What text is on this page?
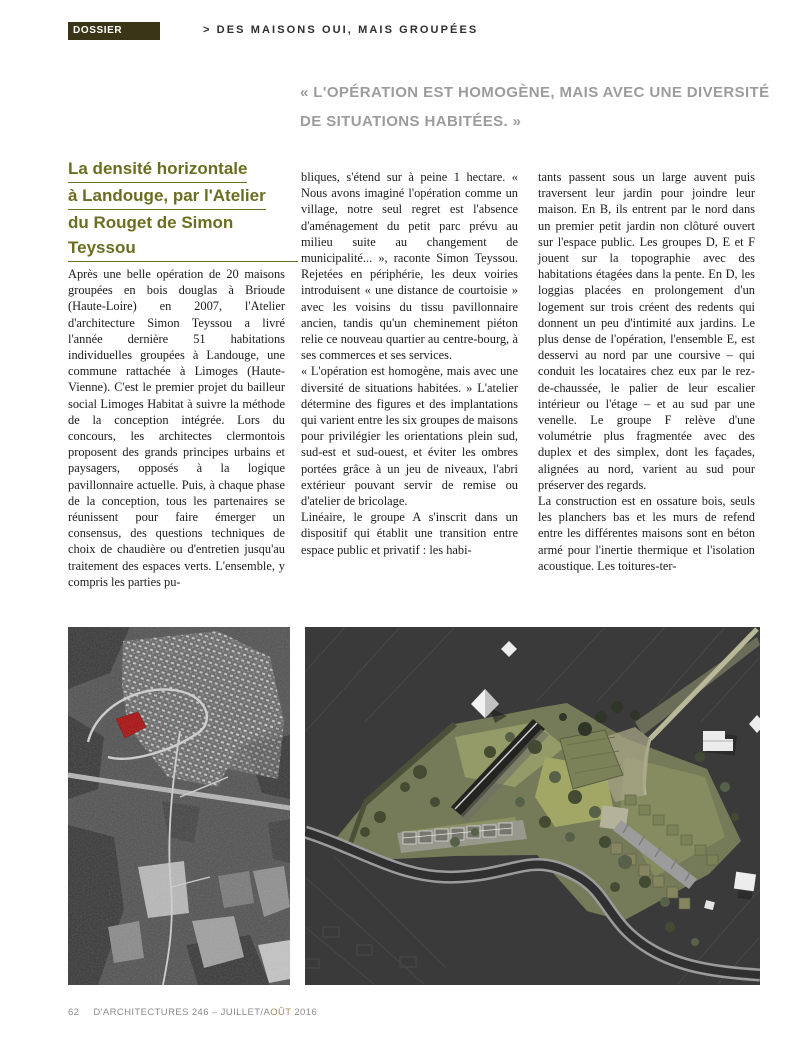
DOSSIER	> DES MAISONS OUI, MAIS GROUPÉES
« L'OPÉRATION EST HOMOGÈNE, MAIS AVEC UNE DIVERSITÉ
DE SITUATIONS HABITÉES. »
La densité horizontale
à Landouge, par l'Atelier
du Rouget de Simon Teyssou

Après une belle opération de 20 maisons groupées en bois douglas à Brioude (Haute-Loire) en 2007, l'Atelier d'architecture Simon Teyssou a livré l'année dernière 51 habitations individuelles groupées à Landouge, une commune rattachée à Limoges (Haute-Vienne). C'est le premier projet du bailleur social Limoges Habitat à suivre la méthode de la conception intégrée. Lors du concours, les architectes clermontois proposent des grands principes urbains et paysagers, opposés à la logique pavillonnaire actuelle. Puis, à chaque phase de la conception, tous les partenaires se réunissent pour faire émerger un consensus, des questions techniques de choix de chaudière ou d'entretien jusqu'au traitement des espaces verts. L'ensemble, y compris les parties pu-

bliques, s'étend sur à peine 1 hectare. « Nous avons imaginé l'opération comme un village, notre seul regret est l'absence d'aménagement du petit parc prévu au milieu suite au changement de municipalité... », raconte Simon Teyssou. Rejetées en périphérie, les deux voiries introduisent « une distance de courtoisie » avec les voisins du tissu pavillonnaire ancien, tandis qu'un cheminement piéton relie ce nouveau quartier au centre-bourg, à ses commerces et ses services.

« L'opération est homogène, mais avec une diversité de situations habitées. » L'atelier détermine des figures et des implantations qui varient entre les six groupes de maisons pour privilégier les orientations plein sud, sud-est et sud-ouest, et éviter les ombres portées grâce à un jeu de niveaux, l'abri extérieur pouvant servir de remise ou d'atelier de bricolage.

Linéaire, le groupe A s'inscrit dans un dispositif qui établit une transition entre espace public et privatif : les habi-

tants passent sous un large auvent puis traversent leur jardin pour joindre leur maison. En B, ils entrent par le nord dans un premier petit jardin non clôturé ouvert sur l'espace public. Les groupes D, E et F jouent sur la topographie avec des habitations étagées dans la pente. En D, les loggias placées en prolongement d'un logement sur trois créent des redents qui donnent un peu d'intimité aux jardins. Le plus dense de l'opération, l'ensemble E, est desservi au nord par une coursive – qui conduit les locataires chez eux par le rez-de-chaussée, le palier de leur escalier intérieur ou l'étage – et au sud par une venelle. Le groupe F relève d'une volumétrie plus fragmentée avec des duplex et des simplex, dont les façades, alignées au nord, varient au sud pour préserver des regards.

La construction est en ossature bois, seuls les planchers bas et les murs de refend entre les différentes maisons sont en béton armé pour l'inertie thermique et l'isolation acoustique. Les toitures-ter-

62 D'ARCHITECTURES 246 – JUILLET/AOÛT 2016
